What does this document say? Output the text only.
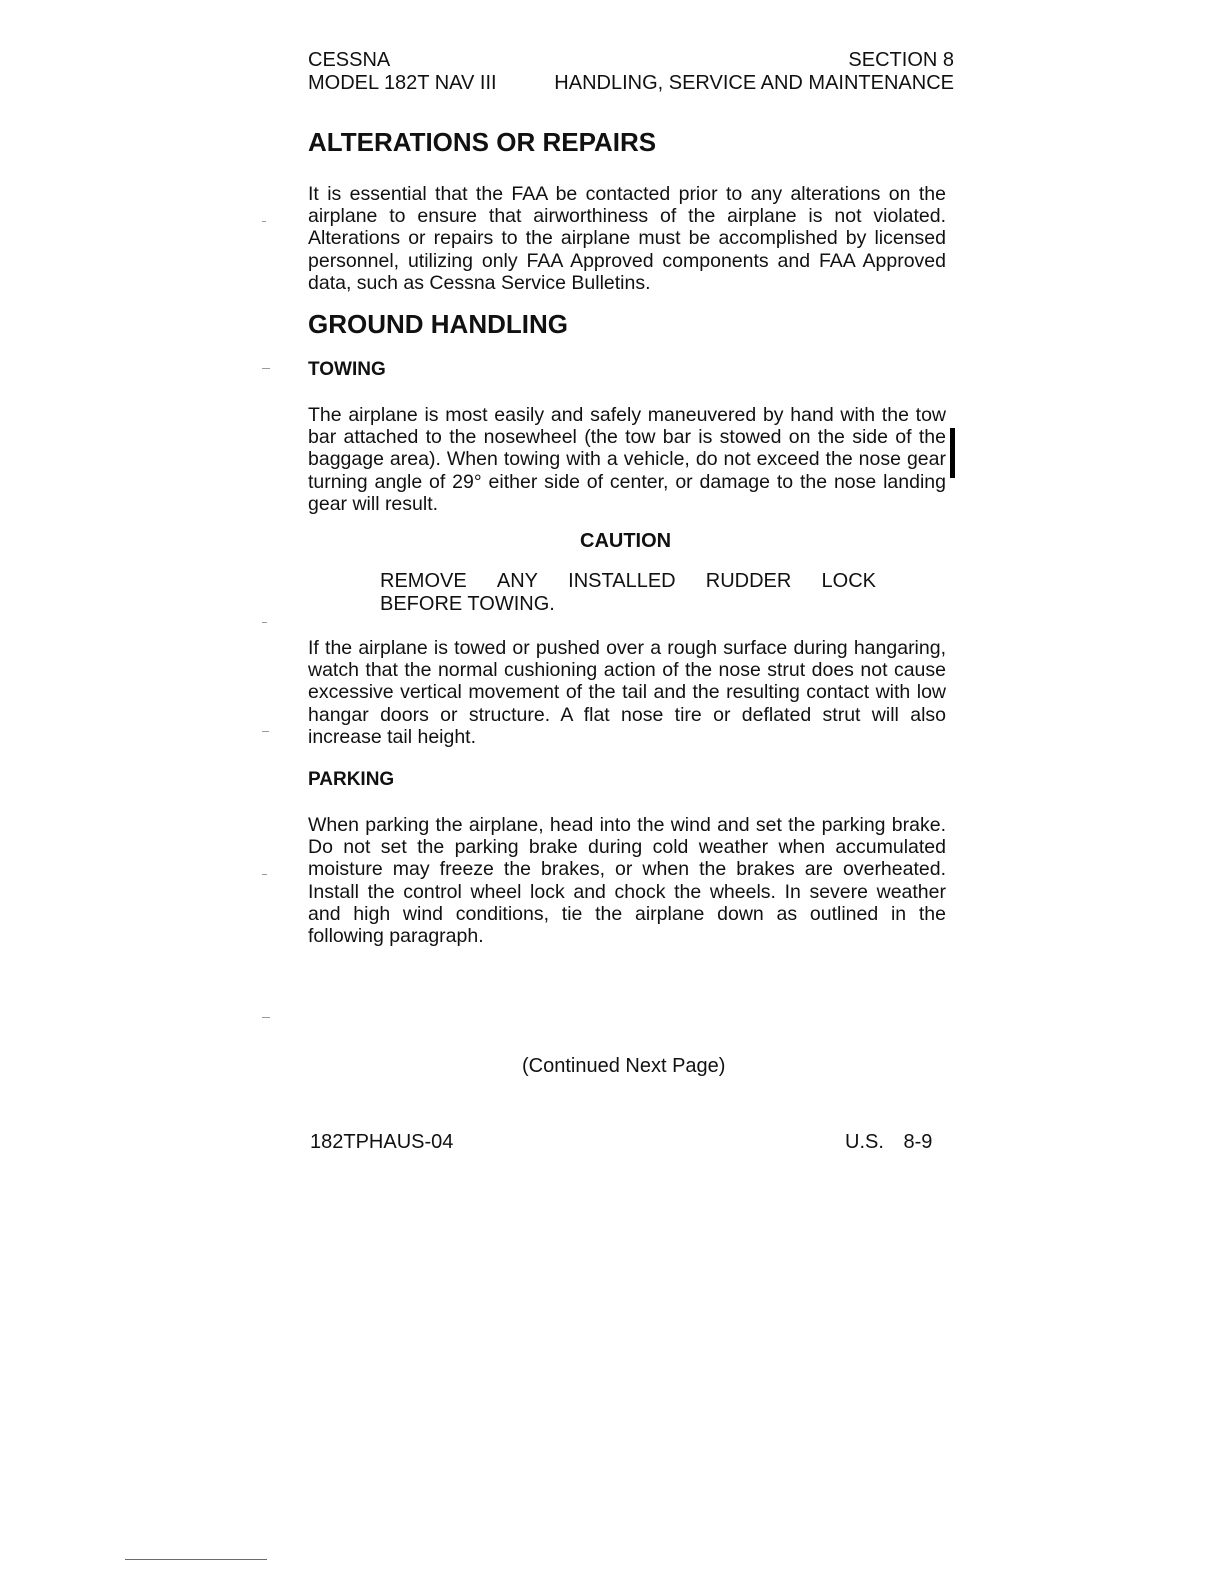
CESSNA	SECTION 8
MODEL 182T NAV III	HANDLING, SERVICE AND MAINTENANCE
ALTERATIONS OR REPAIRS
It is essential that the FAA be contacted prior to any alterations on the airplane to ensure that airworthiness of the airplane is not violated. Alterations or repairs to the airplane must be accomplished by licensed personnel, utilizing only FAA Approved components and FAA Approved data, such as Cessna Service Bulletins.
GROUND HANDLING
TOWING
The airplane is most easily and safely maneuvered by hand with the tow bar attached to the nosewheel (the tow bar is stowed on the side of the baggage area). When towing with a vehicle, do not exceed the nose gear turning angle of 29° either side of center, or damage to the nose landing gear will result.
CAUTION
REMOVE ANY INSTALLED RUDDER LOCK
BEFORE TOWING.
If the airplane is towed or pushed over a rough surface during hangaring, watch that the normal cushioning action of the nose strut does not cause excessive vertical movement of the tail and the resulting contact with low hangar doors or structure. A flat nose tire or deflated strut will also increase tail height.
PARKING
When parking the airplane, head into the wind and set the parking brake. Do not set the parking brake during cold weather when accumulated moisture may freeze the brakes, or when the brakes are overheated. Install the control wheel lock and chock the wheels. In severe weather and high wind conditions, tie the airplane down as outlined in the following paragraph.
(Continued Next Page)
182TPHAUS-04	U.S. 8-9
